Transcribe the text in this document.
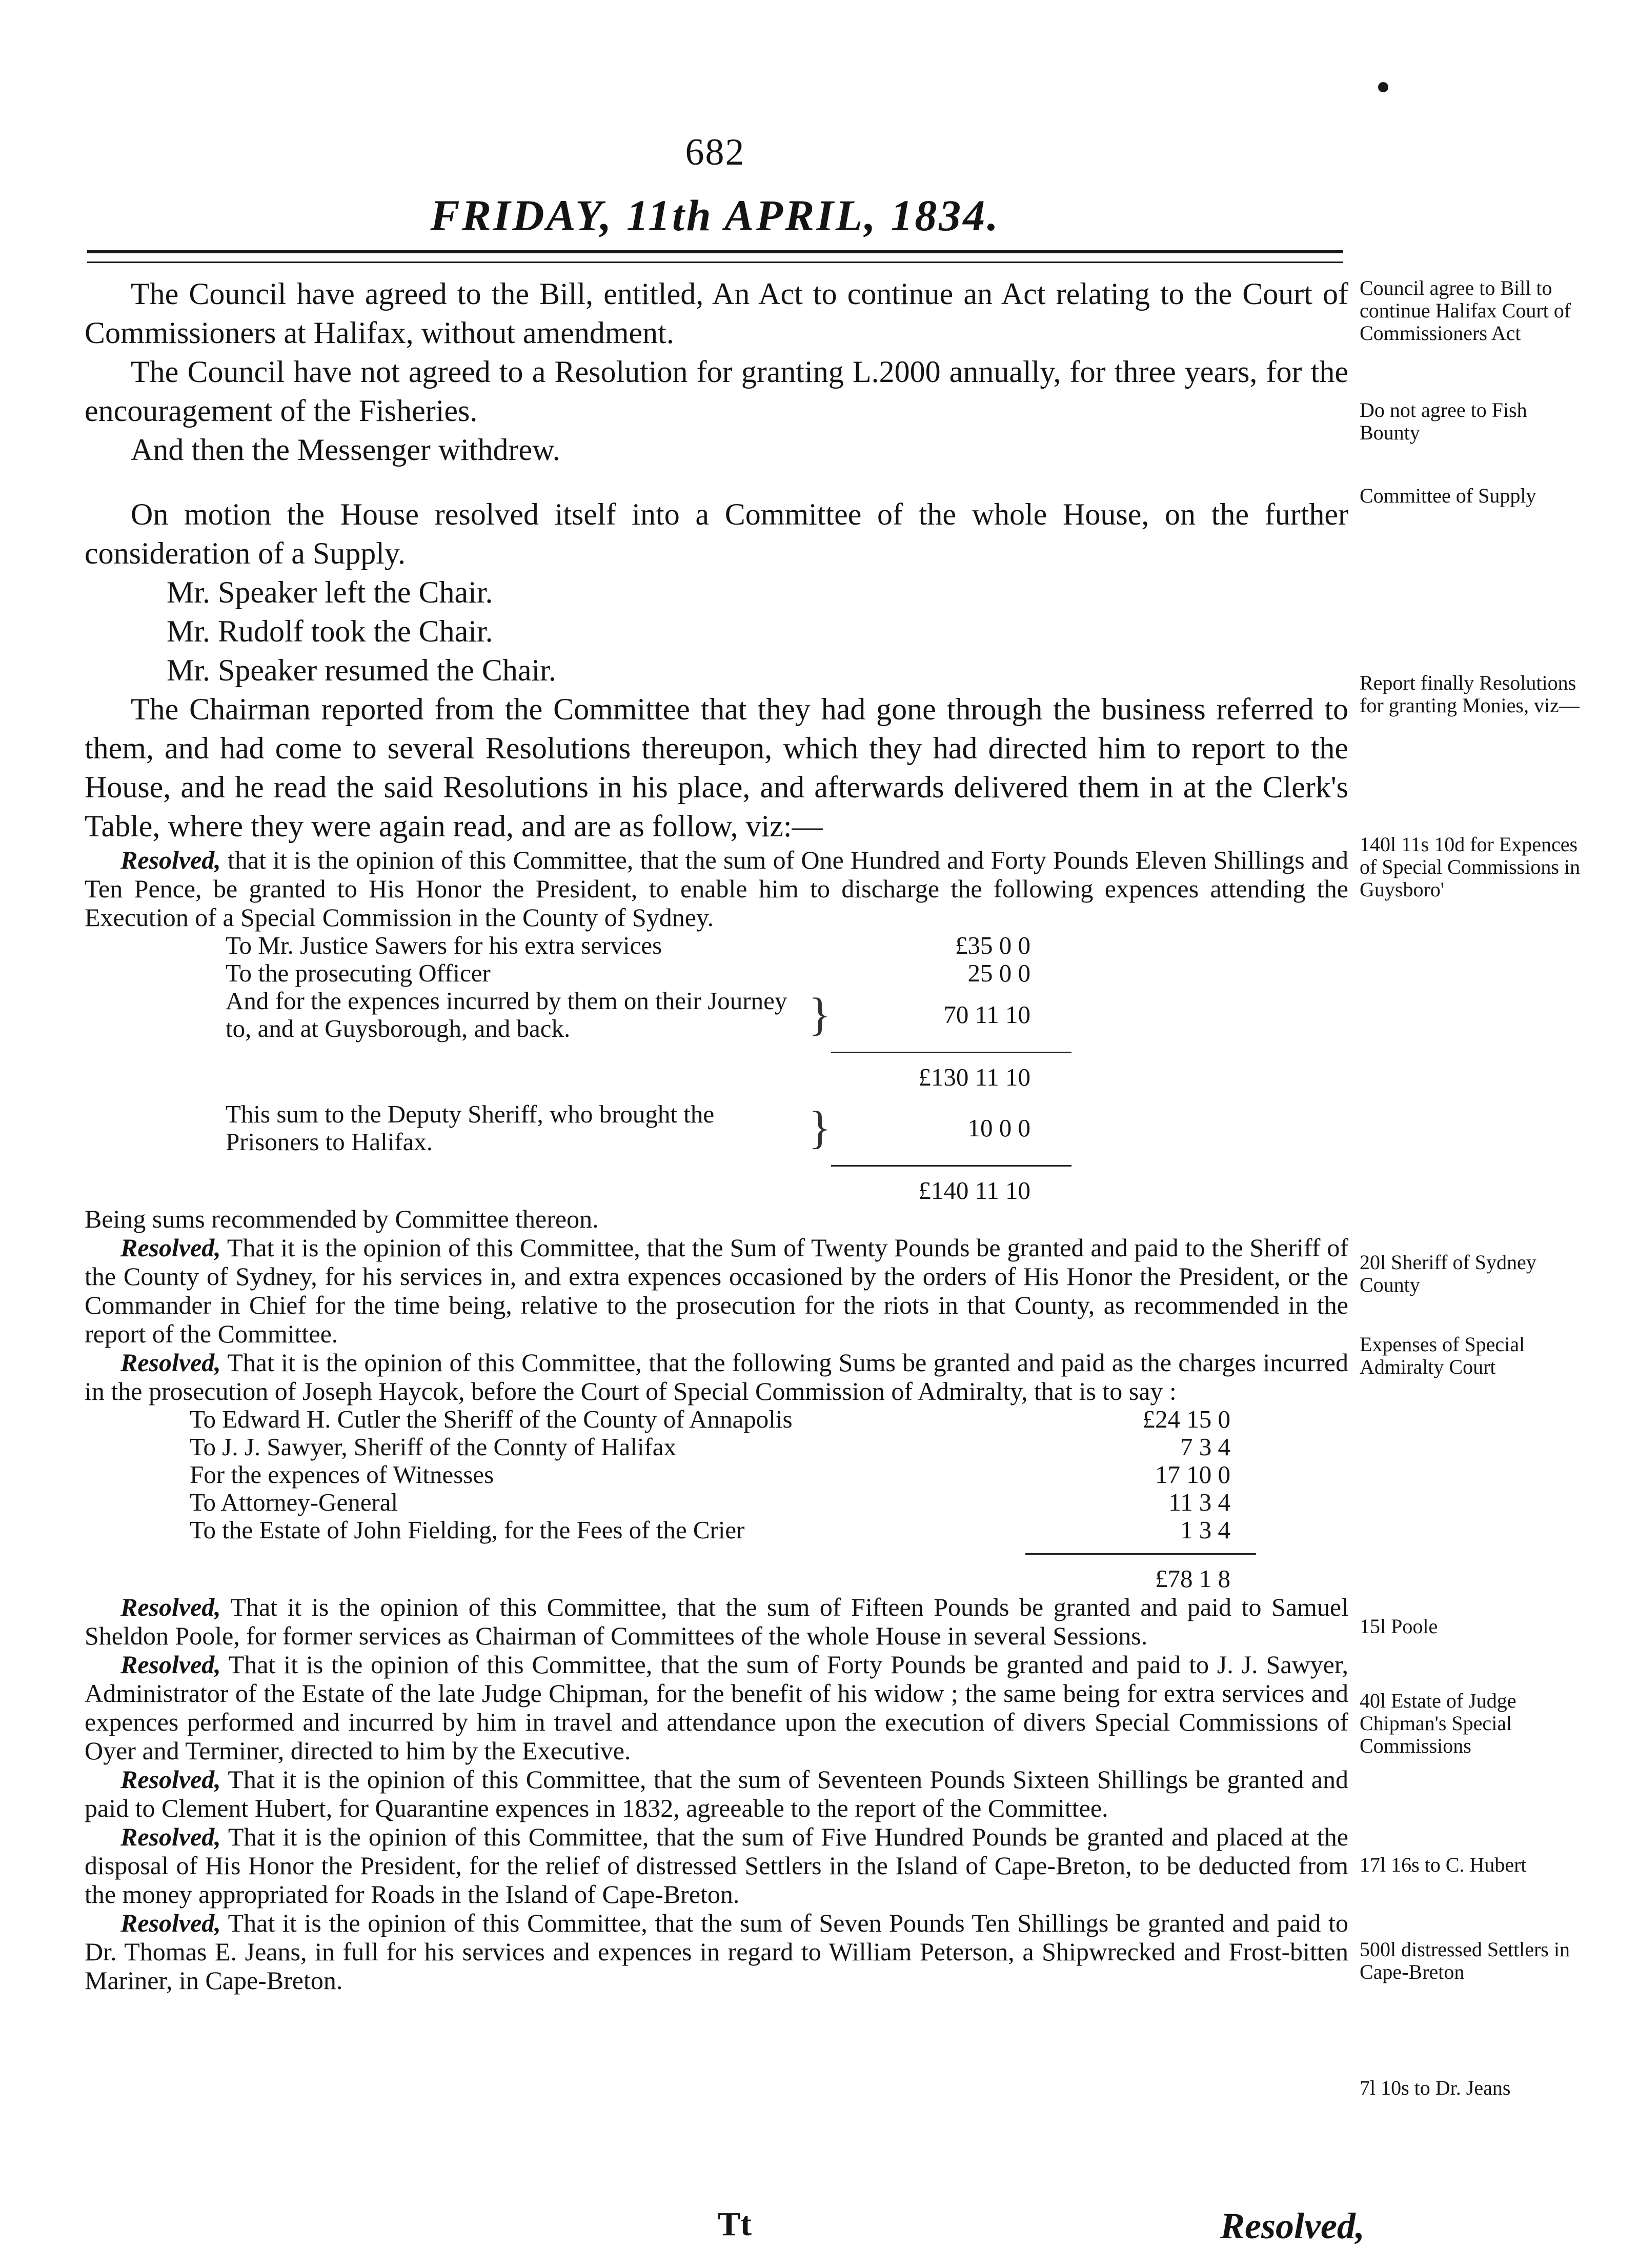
682
FRIDAY, 11th APRIL, 1834.

The Council have agreed to the Bill, entitled, An Act to continue an Act relating to the Court of Commissioners at Halifax, without amendment.

The Council have not agreed to a Resolution for granting L.2000 annually, for three years, for the encouragement of the Fisheries.

And then the Messenger withdrew.

On motion the House resolved itself into a Committee of the whole House, on the further consideration of a Supply.

Mr. Speaker left the Chair.

Mr. Rudolf took the Chair.

Mr. Speaker resumed the Chair.

The Chairman reported from the Committee that they had gone through the business referred to them, and had come to several Resolutions thereupon, which they had directed him to report to the House, and he read the said Resolutions in his place, and afterwards delivered them in at the Clerk's Table, where they were again read, and are as follow, viz:—

Resolved, that it is the opinion of this Committee, that the sum of One Hundred and Forty Pounds Eleven Shillings and Ten Pence, be granted to His Honor the President, to enable him to discharge the following expences attending the Execution of a Special Commission in the County of Sydney.

To Mr. Justice Sawers for his extra services		£35 0 0
To the prosecuting Officer		25 0 0
And for the expences incurred by them on their Journey to, and at Guysborough, and back.	}	70 11 10

		£130 11 10

This sum to the Deputy Sheriff, who brought the Prisoners to Halifax.	}	10 0 0

		£140 11 10

Being sums recommended by Committee thereon.

Resolved, That it is the opinion of this Committee, that the Sum of Twenty Pounds be granted and paid to the Sheriff of the County of Sydney, for his services in, and extra expences occasioned by the orders of His Honor the President, or the Commander in Chief for the time being, relative to the prosecution for the riots in that County, as recommended in the report of the Committee.

Resolved, That it is the opinion of this Committee, that the following Sums be granted and paid as the charges incurred in the prosecution of Joseph Haycok, before the Court of Special Commission of Admiralty, that is to say :

To Edward H. Cutler the Sheriff of the County of Annapolis	£24 15 0
To J. J. Sawyer, Sheriff of the Connty of Halifax	7 3 4
For the expences of Witnesses	17 10 0
To Attorney-General	11 3 4
To the Estate of John Fielding, for the Fees of the Crier	1 3 4

	£78 1 8

Resolved, That it is the opinion of this Committee, that the sum of Fifteen Pounds be granted and paid to Samuel Sheldon Poole, for former services as Chairman of Committees of the whole House in several Sessions.

Resolved, That it is the opinion of this Committee, that the sum of Forty Pounds be granted and paid to J. J. Sawyer, Administrator of the Estate of the late Judge Chipman, for the benefit of his widow ; the same being for extra services and expences performed and incurred by him in travel and attendance upon the execution of divers Special Commissions of Oyer and Terminer, directed to him by the Executive.

Resolved, That it is the opinion of this Committee, that the sum of Seventeen Pounds Sixteen Shillings be granted and paid to Clement Hubert, for Quarantine expences in 1832, agreeable to the report of the Committee.

Resolved, That it is the opinion of this Committee, that the sum of Five Hundred Pounds be granted and placed at the disposal of His Honor the President, for the relief of distressed Settlers in the Island of Cape-Breton, to be deducted from the money appropriated for Roads in the Island of Cape-Breton.

Resolved, That it is the opinion of this Committee, that the sum of Seven Pounds Ten Shillings be granted and paid to Dr. Thomas E. Jeans, in full for his services and expences in regard to William Peterson, a Shipwrecked and Frost-bitten Mariner, in Cape-Breton.

Tt	Resolved,
Council agree to Bill to continue Halifax Court of Commissioners Act
Do not agree to Fish Bounty
Committee of Supply
Report finally Resolutions for granting Monies, viz—
140l 11s 10d for Expences of Special Commissions in Guysboro'
20l Sheriff of Sydney County
Expenses of Special Admiralty Court
15l Poole
40l Estate of Judge Chipman's Special Commissions
17l 16s to C. Hubert
500l distressed Settlers in Cape-Breton
7l 10s to Dr. Jeans
